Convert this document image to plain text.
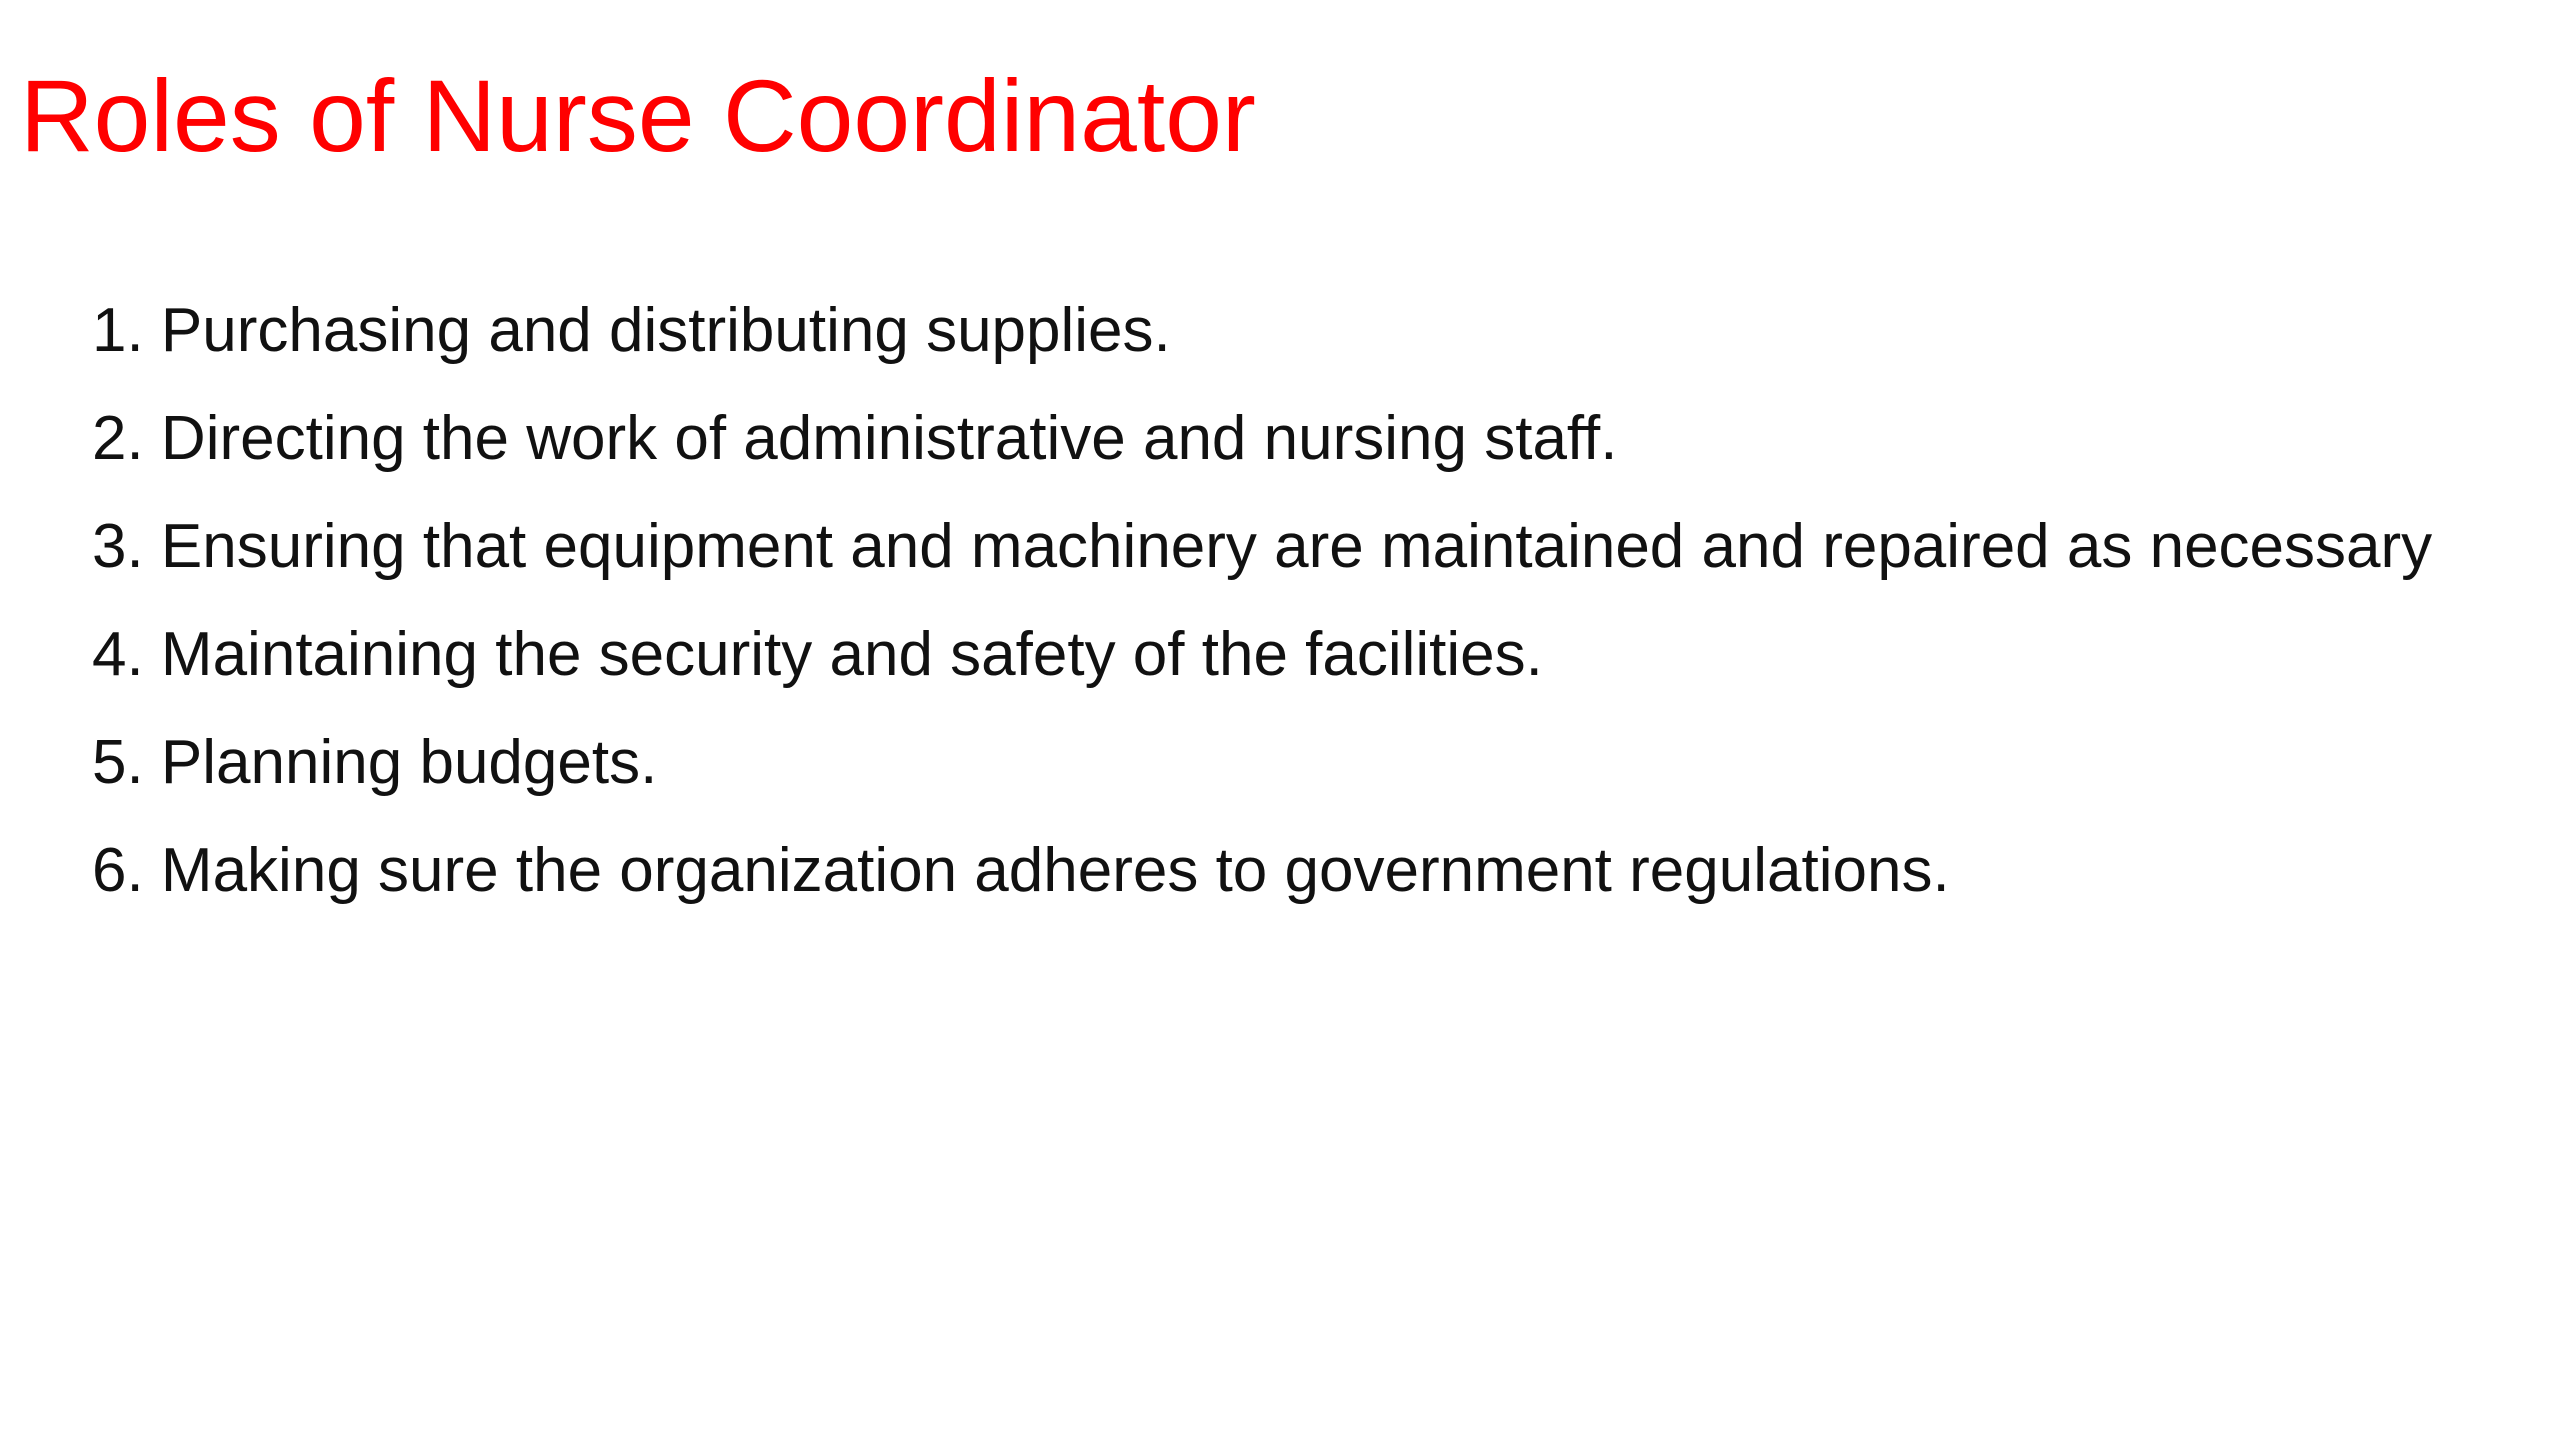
Roles of Nurse Coordinator

1. Purchasing and distributing supplies.

2. Directing the work of administrative and nursing staff.

3. Ensuring that equipment and machinery are maintained and repaired as necessary

4. Maintaining the security and safety of the facilities.

5. Planning budgets.

6. Making sure the organization adheres to government regulations.
